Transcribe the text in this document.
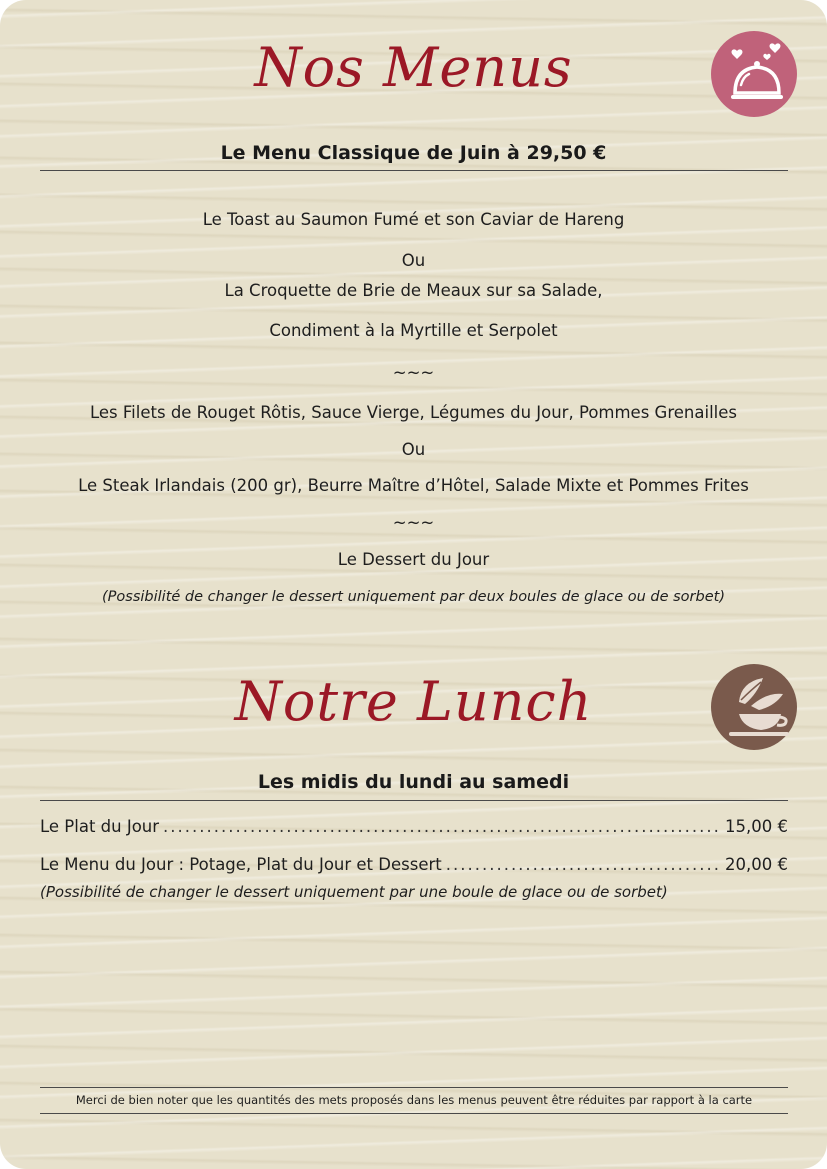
Nos Menus
Le Menu Classique de Juin à 29,50 €
Le Toast au Saumon Fumé et son Caviar de Hareng
Ou
La Croquette de Brie de Meaux sur sa Salade,
Condiment à la Myrtille et Serpolet
~~~
Les Filets de Rouget Rôtis, Sauce Vierge, Légumes du Jour, Pommes Grenailles
Ou
Le Steak Irlandais (200 gr), Beurre Maître d’Hôtel, Salade Mixte et Pommes Frites
~~~
Le Dessert du Jour
(Possibilité de changer le dessert uniquement par deux boules de glace ou de sorbet)
Notre Lunch
Les midis du lundi au samedi
Le Plat du Jour .....	15,00 €
Le Menu du Jour : Potage, Plat du Jour et Dessert .....	20,00 €
(Possibilité de changer le dessert uniquement par une boule de glace ou de sorbet)
Merci de bien noter que les quantités des mets proposés dans les menus peuvent être réduites par rapport à la carte
